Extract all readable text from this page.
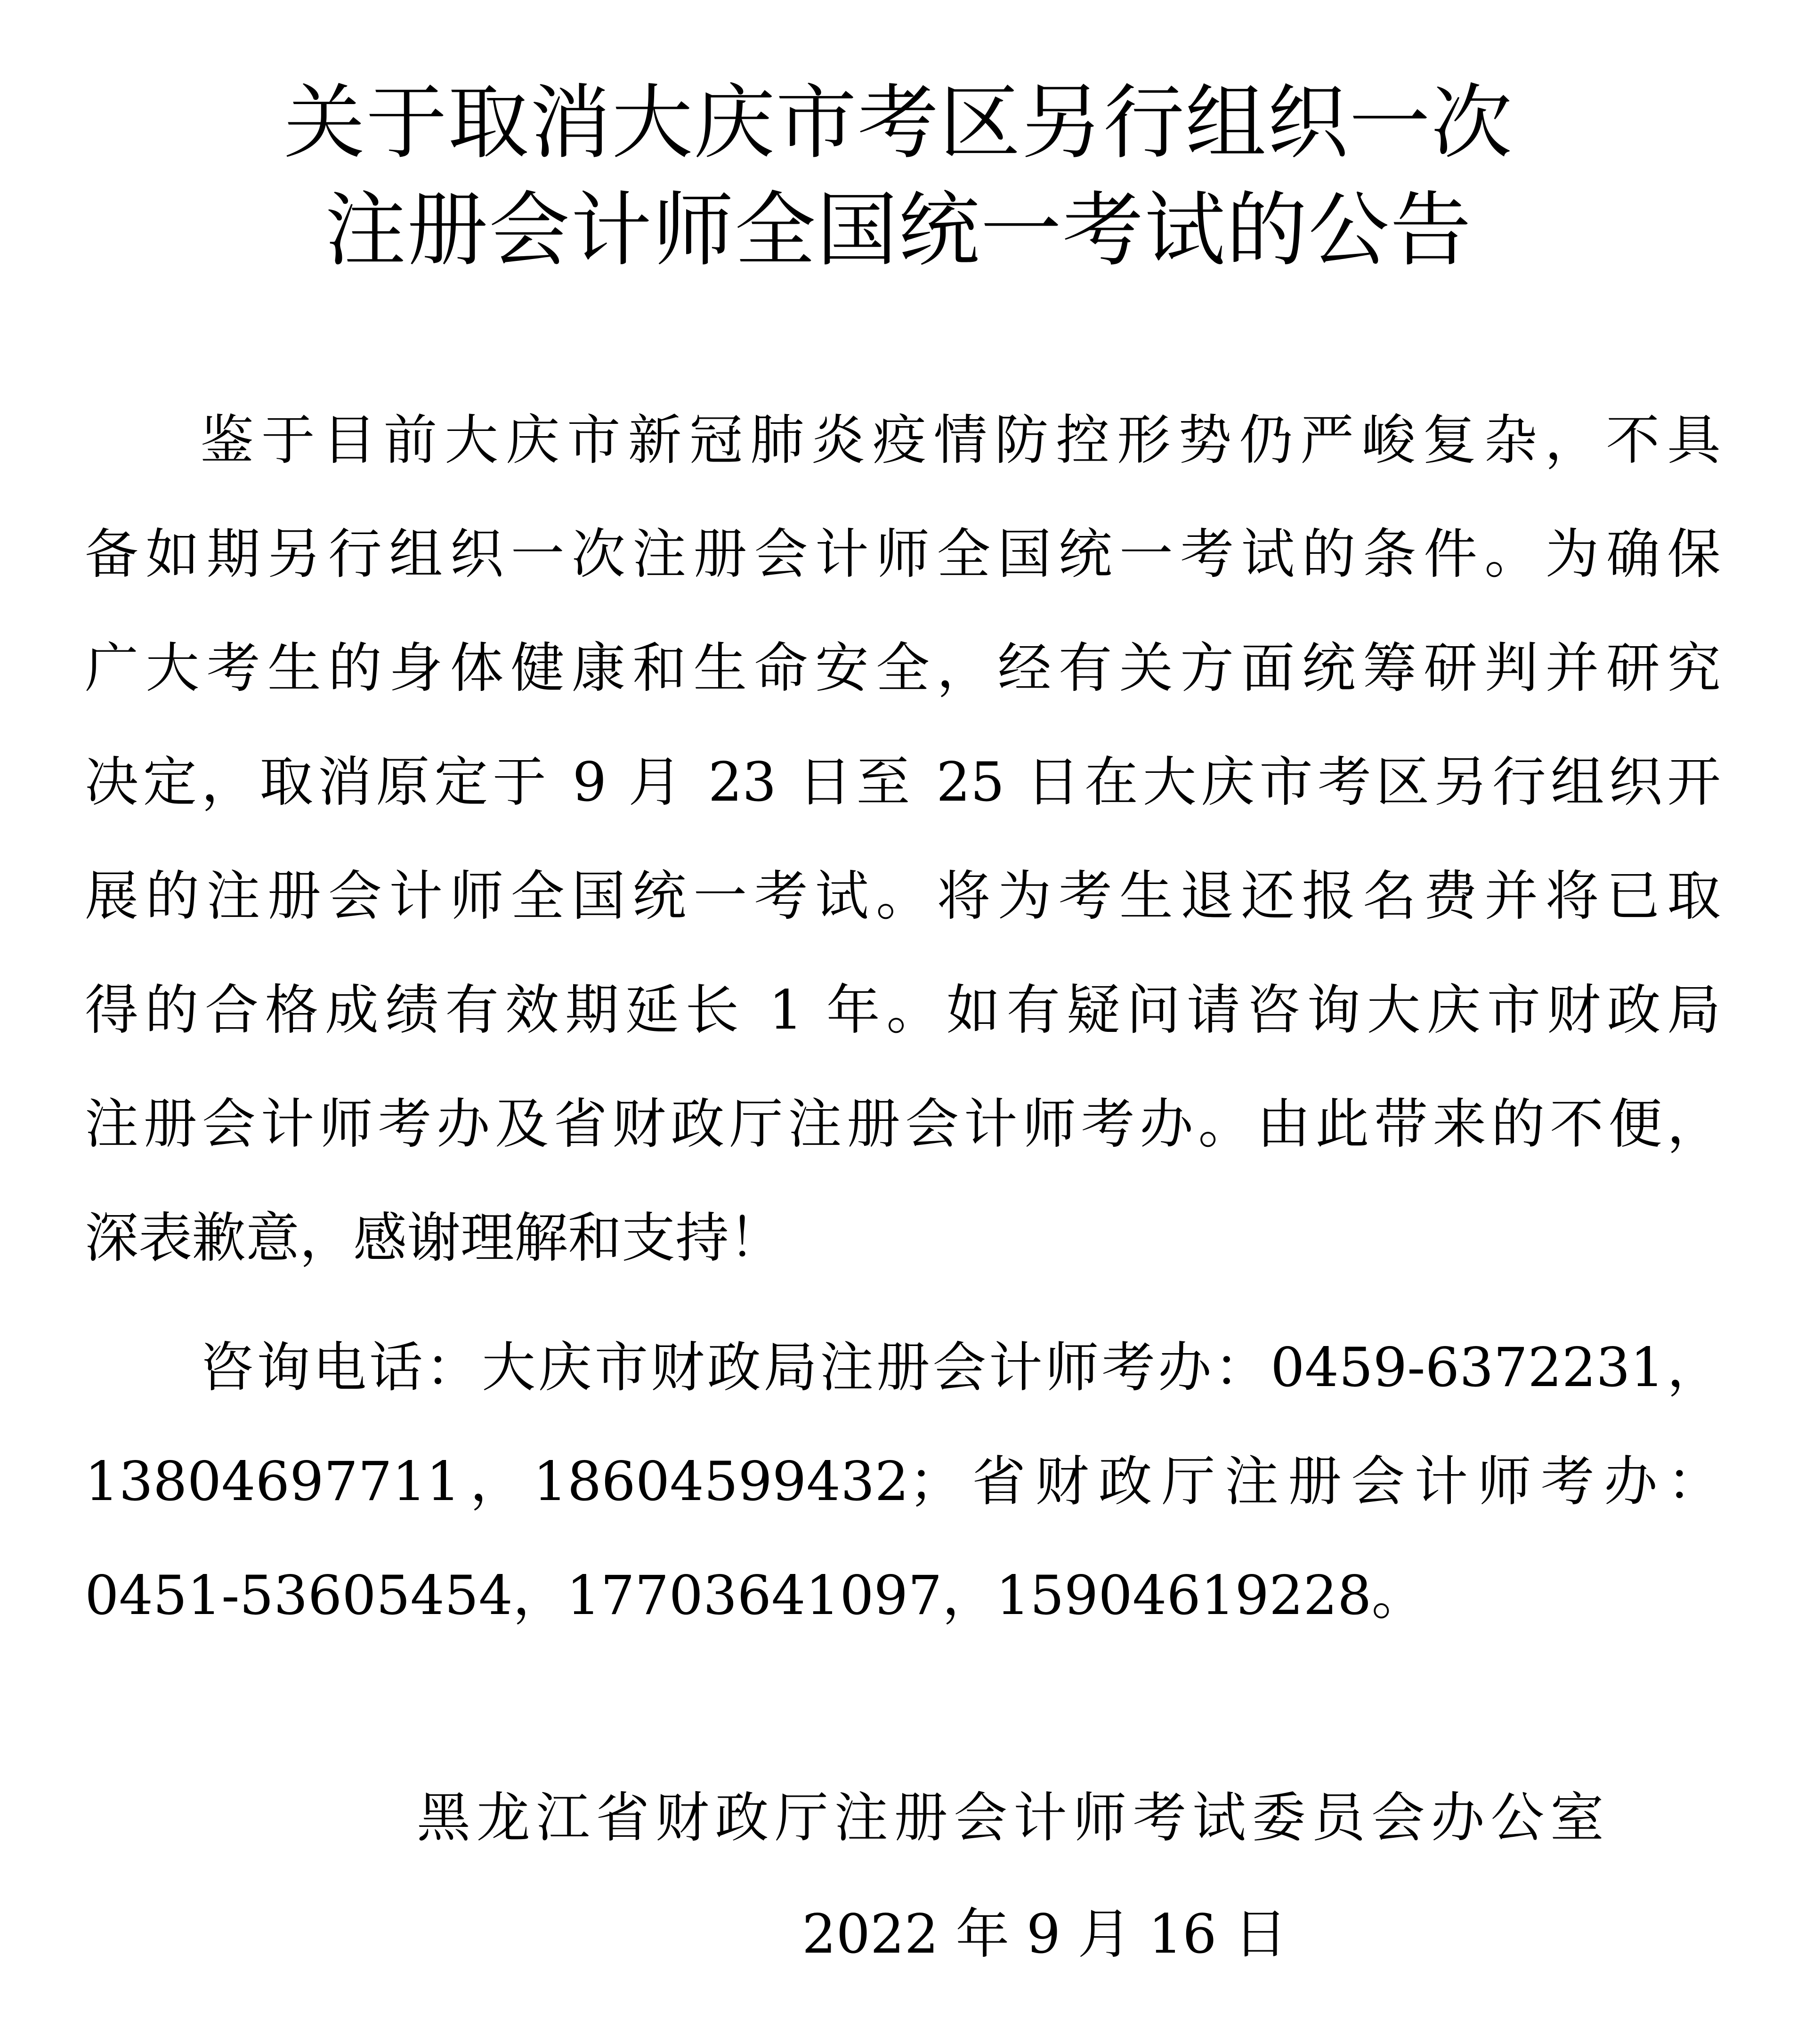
关于取消大庆市考区另行组织一次
注册会计师全国统一考试的公告
鉴于目前大庆市新冠肺炎疫情防控形势仍严峻复杂，不具
备如期另行组织一次注册会计师全国统一考试的条件。为确保
广大考生的身体健康和生命安全，经有关方面统筹研判并研究
决定，取消原定于 9 月 23 日至 25 日在大庆市考区另行组织开
展的注册会计师全国统一考试。将为考生退还报名费并将已取
得的合格成绩有效期延长 1 年。如有疑问请咨询大庆市财政局
注册会计师考办及省财政厅注册会计师考办。由此带来的不便，
深表歉意，感谢理解和支持！
咨询电话：大庆市财政局注册会计师考办：0459-6372231，
13804697711，18604599432；省财政厅注册会计师考办：
0451-53605454，17703641097，15904619228。
黑龙江省财政厅注册会计师考试委员会办公室
2022 年 9 月 16 日
